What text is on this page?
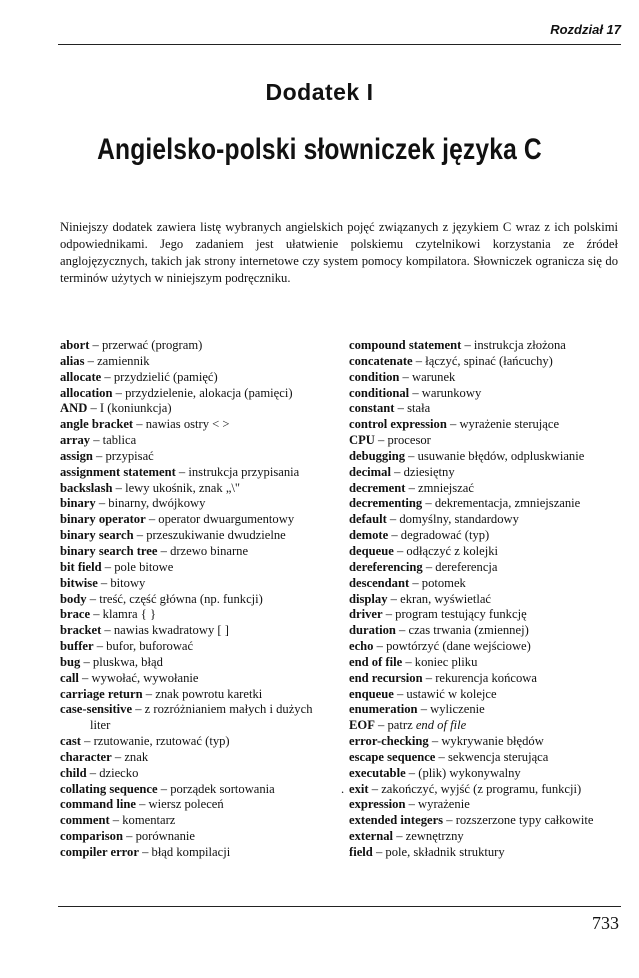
Rozdział 17
Dodatek I
Angielsko-polski słowniczek języka C

Niniejszy dodatek zawiera listę wybranych angielskich pojęć związanych z językiem C wraz z ich polskimi odpowiednikami. Jego zadaniem jest ułatwienie polskiemu czytelnikowi korzystania ze źródeł anglojęzycznych, takich jak strony internetowe czy system pomocy kompilatora. Słowniczek ogranicza się do terminów użytych w niniejszym podręczniku.

abort – przerwać (program)
alias – zamiennik
allocate – przydzielić (pamięć)
allocation – przydzielenie, alokacja (pamięci)
AND – I (koniunkcja)
angle bracket – nawias ostry < >
array – tablica
assign – przypisać
assignment statement – instrukcja przypisania
backslash – lewy ukośnik, znak „\"
binary – binarny, dwójkowy
binary operator – operator dwuargumentowy
binary search – przeszukiwanie dwudzielne
binary search tree – drzewo binarne
bit field – pole bitowe
bitwise – bitowy
body – treść, część główna (np. funkcji)
brace – klamra { }
bracket – nawias kwadratowy [ ]
buffer – bufor, buforować
bug – pluskwa, błąd
call – wywołać, wywołanie
carriage return – znak powrotu karetki
case-sensitive – z rozróżnianiem małych i dużych
liter
cast – rzutowanie, rzutować (typ)
character – znak
child – dziecko
collating sequence – porządek sortowania
command line – wiersz poleceń
comment – komentarz
comparison – porównanie
compiler error – błąd kompilacji
compound statement – instrukcja złożona
concatenate – łączyć, spinać (łańcuchy)
condition – warunek
conditional – warunkowy
constant – stała
control expression – wyrażenie sterujące
CPU – procesor
debugging – usuwanie błędów, odpluskwianie
decimal – dziesiętny
decrement – zmniejszać
decrementing – dekrementacja, zmniejszanie
default – domyślny, standardowy
demote – degradować (typ)
dequeue – odłączyć z kolejki
dereferencing – dereferencja
descendant – potomek
display – ekran, wyświetlać
driver – program testujący funkcję
duration – czas trwania (zmiennej)
echo – powtórzyć (dane wejściowe)
end of file – koniec pliku
end recursion – rekurencja końcowa
enqueue – ustawić w kolejce
enumeration – wyliczenie
EOF – patrz end of file
error-checking – wykrywanie błędów
escape sequence – sekwencja sterująca
executable – (plik) wykonywalny
. exit – zakończyć, wyjść (z programu, funkcji)
expression – wyrażenie
extended integers – rozszerzone typy całkowite
external – zewnętrzny
field – pole, składnik struktury
733
